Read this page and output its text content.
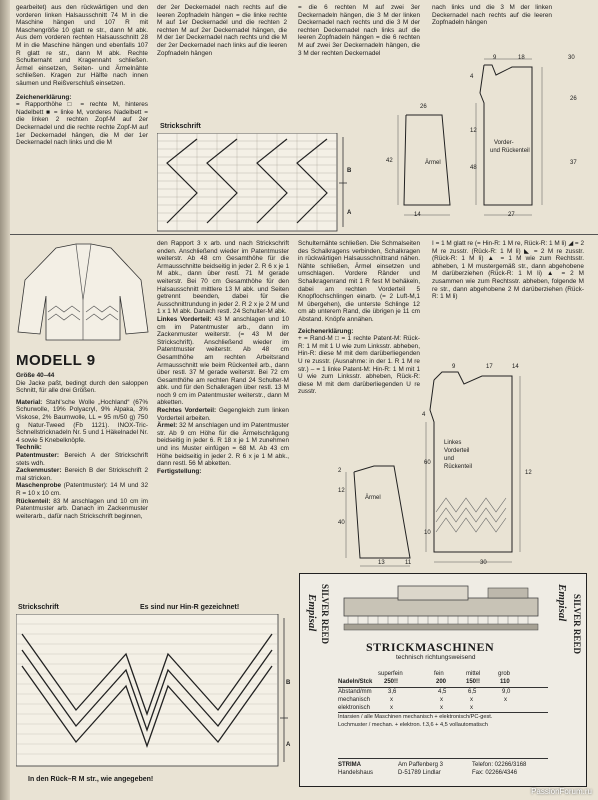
gearbeitet) aus den rückwärtigen und den vorderen linken Halsausschnitt 74 M in die Maschine hängen und 107 R mit Maschengröße 10 glatt re str., dann M abk. Aus dem vorderen rechten Halsausschnitt 28 M in die Maschine hängen und ebenfalls 107 R glatt re str., dann M abk. Rechte Schulternaht und Kragennaht schließen. Ärmel einsetzen, Seiten- und Ärmelnähte schließen. Kragen zur Hälfte nach innen säumen und Reißverschluß einsetzen.

Zeichenerklärung:

= Rapporthöhe □ = rechte M, hinteres Nadelbett ■ = linke M, vorderes Nadelbett = die linken 2 rechten Zopf-M auf 2er Deckernadel und die rechte rechte Zopf-M auf 1er Deckernadel hängen, die M der 1er Deckernadel nach links und die M

der 2er Deckernadel nach rechts auf die leeren Zopfnadeln hängen = die linke rechte M auf 1er Deckernadel und die rechten 2 rechten M auf 2er Deckernadel hängen, die M der 1er Deckernadel nach rechts und die M der 2er Deckernadel nach links auf die leeren Zopfnadeln hängen

Strickschrift
B
A

= die 6 rechten M auf zwei 3er Deckernadeln hängen, die 3 M der linken Deckernadel nach rechts und die 3 M der rechten Deckernadel nach links auf die leeren Zopfnadeln hängen = die 6 rechten M auf zwei 3er Deckernadeln hängen, die 3 M der rechten Deckernadel

nach links und die 3 M der linken Deckernadel nach rechts auf die leeren Zopfnadeln hängen

9	18	30
4
26
26
12
42
48
37
Ärmel
Vorder-
und Rückenteil
14	27
MODELL 9

Größe 40–44

Die Jacke paßt, bedingt durch den saloppen Schnitt, für alle drei Größen.

Material: Stahl'sche Wolle „Hochland“ (67% Schurwolle, 19% Polyacryl, 9% Alpaka, 3% Viskose, 2% Baumwolle, LL = 95 m/50 g) 750 g Natur-Tweed (Fb 1121). INOX-Tric-Schnellstricknadeln Nr. 5 und 1 Häkelnadel Nr. 4 sowie 5 Knebelknöpfe.

Technik:

Patentmuster: Bereich A der Strickschrift stets wdh.

Zackenmuster: Bereich B der Strickschrift 2 mal stricken.

Maschenprobe (Patentmuster): 14 M und 32 R = 10 x 10 cm.

Rückenteil: 83 M anschlagen und 10 cm im Patentmuster arb. Danach im Zackenmuster weiterarb., dafür nach Strickschrift beginnen,

den Rapport 3 x arb. und nach Strickschrift enden. Anschließend wieder im Patentmuster weiterstr. Ab 48 cm Gesamthöhe für die Armausschnitte beidseitig in jeder 2. R 6 x je 1 M abk., dann über restl. 71 M gerade weiterstr. Bei 70 cm Gesamthöhe für den Halsausschnitt mittlere 13 M abk. und Seiten getrennt beenden, dabei für die Ausschnittrundung in jeder 2. R 2 x je 2 M und 1 x 1 M abk. Danach restl. 24 Schulter-M abk.

Linkes Vorderteil: 43 M anschlagen und 10 cm im Patentmuster arb., dann im Zackenmuster weiterstr. (= 43 M der Strickschrift). Anschließend wieder im Patentmuster weiterstr. Ab 48 cm Gesamthöhe am rechten Arbeitsrand Armausschnitt wie beim Rückenteil arb., dann über restl. 37 M gerade weiterstr. Bei 72 cm Gesamthöhe am rechten Rand 24 Schulter-M abk. und für den Schalkragen über restl. 13 M noch 9 cm im Patentmuster weiterstr., dann M abketten.

Rechtes Vorderteil: Gegengleich zum linken Vorderteil arbeiten.

Ärmel: 32 M anschlagen und im Patentmuster str. Ab 9 cm Höhe für die Ärmelschrägung beidseitig in jeder 6. R 18 x je 1 M zunehmen und ins Muster einfügen = 68 M. Ab 43 cm Höhe beidseitig in jeder 2. R 6 x je 1 M abk., dann restl. 56 M abketten.

Fertigstellung:

Schulternähte schließen. Die Schmalseiten des Schalkragens verbinden, Schalkragen in rückwärtigen Halsausschnittrand nähen. Nähte schließen, Ärmel einsetzen und umschlagen. Vordere Ränder und Schalkragenrand mit 1 R fest M behäkeln, dabei am rechten Vorderteil 5 Knopflochschlingen einarb. (= 2 Luft-M,1 M übergehen), die unterste Schlinge 12 cm ab unterem Rand, die übrigen je 11 cm Abstand. Knöpfe annähen.

Zeichenerklärung:

+ = Rand-M □ = 1 rechte Patent-M: Rück-R: 1 M mit 1 U wie zum Linksstr. abheben, Hin-R: diese M mit dem darüberliegenden U re zusstr. (Ausnahme: in der 1. R 1 M re str.) – = 1 linke Patent-M: Hin-R: 1 M mit 1 U wie zum Linksstr. abheben, Rück-R: diese M mit dem darüberliegenden U re zusstr.

I = 1 M glatt re (= Hin-R: 1 M re, Rück-R: 1 M li) ◢ = 2 M re zusstr. (Rück-R: 1 M li) ◣ = 2 M re zusstr. (Rück-R: 1 M li) ▲ = 1 M wie zum Rechtsstr. abheben, 1 M mustergemäß str., dann abgehobene M darüberziehen (Rück-R: 1 M li) ▲ = 2 M zusammen wie zum Rechtsstr. abheben, folgende M re str., dann abgehobene 2 M darüberziehen (Rück-R: 1 M li)

9	17	14
4
2
12
12
40
60
10
Ärmel
Linkes
Vorderteil
und
Rückenteil
13	11	30
Strickschrift	Es sind nur Hin-R gezeichnet!
B
A
In den Rück–R M str., wie angegeben!
Empisal SILVER REED	Empisal SILVER REED
STRICKMASCHINEN
technisch richtungsweisend
superfein	fein	mittel	grob
Nadeln/Stck 250!!	200	150!!	110
Abstand/mm	3,6	4,5	6,5	9,0
mechanisch	x	x	x	x
elektronisch	x	x	x
Intarsien / alle Maschinen mechanisch + elektronisch/PC-gest.
Lochmuster / mechan. + elektron. f.3,6 + 4,5 vollautomatisch
STRIMA	Am Paffenberg 3	Telefon: 02266/3168
Handelshaus	D-51789 Lindlar	Fax: 02266/4346
PassionForum.ru
